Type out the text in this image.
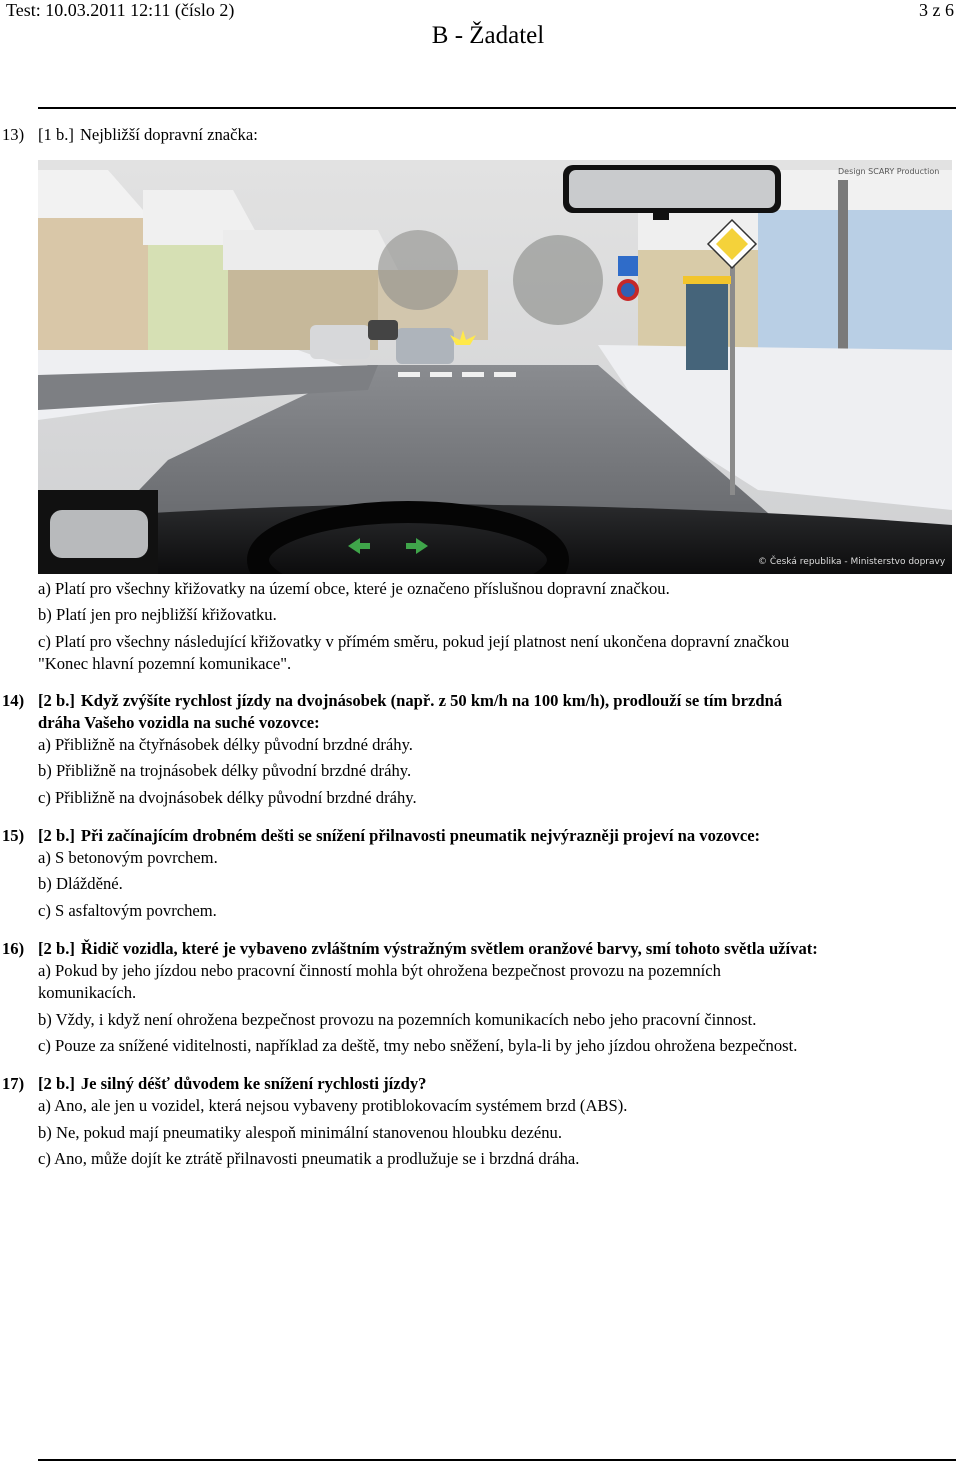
Test: 10.03.2011 12:11 (číslo 2)	3 z 6
B - Žadatel
13) [1 b.] Nejbližší dopravní značka:
Design SCARY Production
© Česká republika - Ministerstvo dopravy
a) Platí pro všechny křižovatky na území obce, které je označeno příslušnou dopravní značkou.
b) Platí jen pro nejbližší křižovatku.
c) Platí pro všechny následující křižovatky v přímém směru, pokud její platnost není ukončena dopravní značkou
"Konec hlavní pozemní komunikace".
14) [2 b.] Když zvýšíte rychlost jízdy na dvojnásobek (např. z 50 km/h na 100 km/h), prodlouží se tím brzdná
dráha Vašeho vozidla na suché vozovce:
a) Přibližně na čtyřnásobek délky původní brzdné dráhy.
b) Přibližně na trojnásobek délky původní brzdné dráhy.
c) Přibližně na dvojnásobek délky původní brzdné dráhy.
15) [2 b.] Při začínajícím drobném dešti se snížení přilnavosti pneumatik nejvýrazněji projeví na vozovce:
a) S betonovým povrchem.
b) Dlážděné.
c) S asfaltovým povrchem.
16) [2 b.] Řidič vozidla, které je vybaveno zvláštním výstražným světlem oranžové barvy, smí tohoto světla užívat:
a) Pokud by jeho jízdou nebo pracovní činností mohla být ohrožena bezpečnost provozu na pozemních
komunikacích.
b) Vždy, i když není ohrožena bezpečnost provozu na pozemních komunikacích nebo jeho pracovní činnost.
c) Pouze za snížené viditelnosti, například za deště, tmy nebo sněžení, byla-li by jeho jízdou ohrožena bezpečnost.
17) [2 b.] Je silný déšť důvodem ke snížení rychlosti jízdy?
a) Ano, ale jen u vozidel, která nejsou vybaveny protiblokovacím systémem brzd (ABS).
b) Ne, pokud mají pneumatiky alespoň minimální stanovenou hloubku dezénu.
c) Ano, může dojít ke ztrátě přilnavosti pneumatik a prodlužuje se i brzdná dráha.
